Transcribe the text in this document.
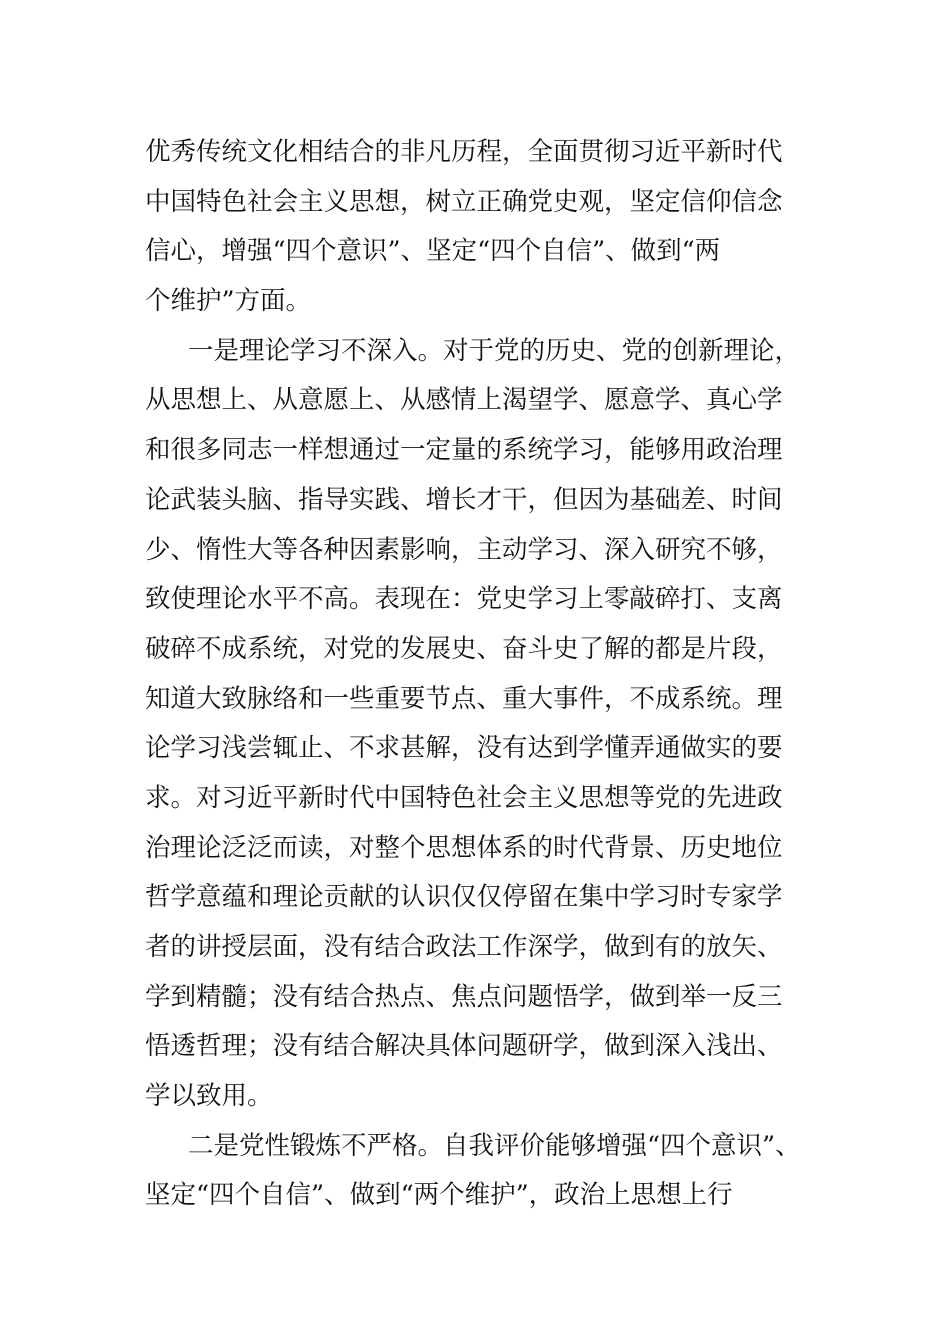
优秀传统文化相结合的非凡历程，全面贯彻习近平新时代
中国特色社会主义思想，树立正确党史观，坚定信仰信念
信心，增强“四个意识”、坚定“四个自信”、做到“两
个维护”方面。
一是理论学习不深入。对于党的历史、党的创新理论，
从思想上、从意愿上、从感情上渴望学、愿意学、真心学
和很多同志一样想通过一定量的系统学习，能够用政治理
论武装头脑、指导实践、增长才干，但因为基础差、时间
少、惰性大等各种因素影响，主动学习、深入研究不够，
致使理论水平不高。表现在：党史学习上零敲碎打、支离
破碎不成系统，对党的发展史、奋斗史了解的都是片段，
知道大致脉络和一些重要节点、重大事件，不成系统。理
论学习浅尝辄止、不求甚解，没有达到学懂弄通做实的要
求。对习近平新时代中国特色社会主义思想等党的先进政
治理论泛泛而读，对整个思想体系的时代背景、历史地位
哲学意蕴和理论贡献的认识仅仅停留在集中学习时专家学
者的讲授层面，没有结合政法工作深学，做到有的放矢、
学到精髓；没有结合热点、焦点问题悟学，做到举一反三
悟透哲理；没有结合解决具体问题研学，做到深入浅出、
学以致用。
二是党性锻炼不严格。自我评价能够增强“四个意识”、
坚定“四个自信”、做到“两个维护”，政治上思想上行
